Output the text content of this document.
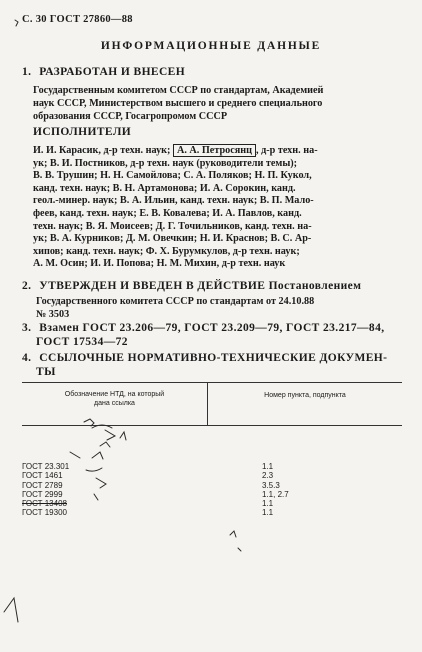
С. 30 ГОСТ 27860—88
ИНФОРМАЦИОННЫЕ ДАННЫЕ
1. РАЗРАБОТАН И ВНЕСЕН
Государственным комитетом СССР по стандартам, Академией
наук СССР, Министерством высшего и среднего специального
образования СССР, Госагропромом СССР
ИСПОЛНИТЕЛИ
И. И. Карасик, д-р техн. наук; А. А. Петросянц , д-р техн. на-
ук; В. И. Постников, д-р техн. наук (руководители темы);
В. В. Трушин; Н. Н. Самойлова; С. А. Поляков; Н. П. Кукол,
канд. техн. наук; В. Н. Артамонова; И. А. Сорокин, канд.
геол.-минер. наук; В. А. Ильин, канд. техн. наук; В. П. Мало-
феев, канд. техн. наук; Е. В. Ковалева; И. А. Павлов, канд.
техн. наук; В. Я. Моисеев; Д. Г. Точильников, канд. техн. на-
ук; В. А. Курников; Д. М. Овечкин; Н. И. Краснов; В. С. Ар-
хипов; канд. техн. наук; Ф. Х. Бурумкулов, д-р техн. наук;
А. М. Осин; И. И. Попова; Н. М. Михин, д-р техн. наук
2. УТВЕРЖДЕН И ВВЕДЕН В ДЕЙСТВИЕ Постановлением
Государственного комитета СССР по стандартам от 24.10.88
№ 3503
3. Взамен ГОСТ 23.206—79, ГОСТ 23.209—79, ГОСТ 23.217—84,
ГОСТ 17534—72
4. ССЫЛОЧНЫЕ НОРМАТИВНО-ТЕХНИЧЕСКИЕ ДОКУМЕН-
ТЫ
Обозначение НТД, на который
дана ссылка
Номер пункта, подпункта
ГОСТ 23.301
ГОСТ 1461
ГОСТ 2789
ГОСТ 2999
ГОСТ 13408
ГОСТ 19300
1.1
2.3
3.5.3
1.1, 2.7
1.1
1.1
